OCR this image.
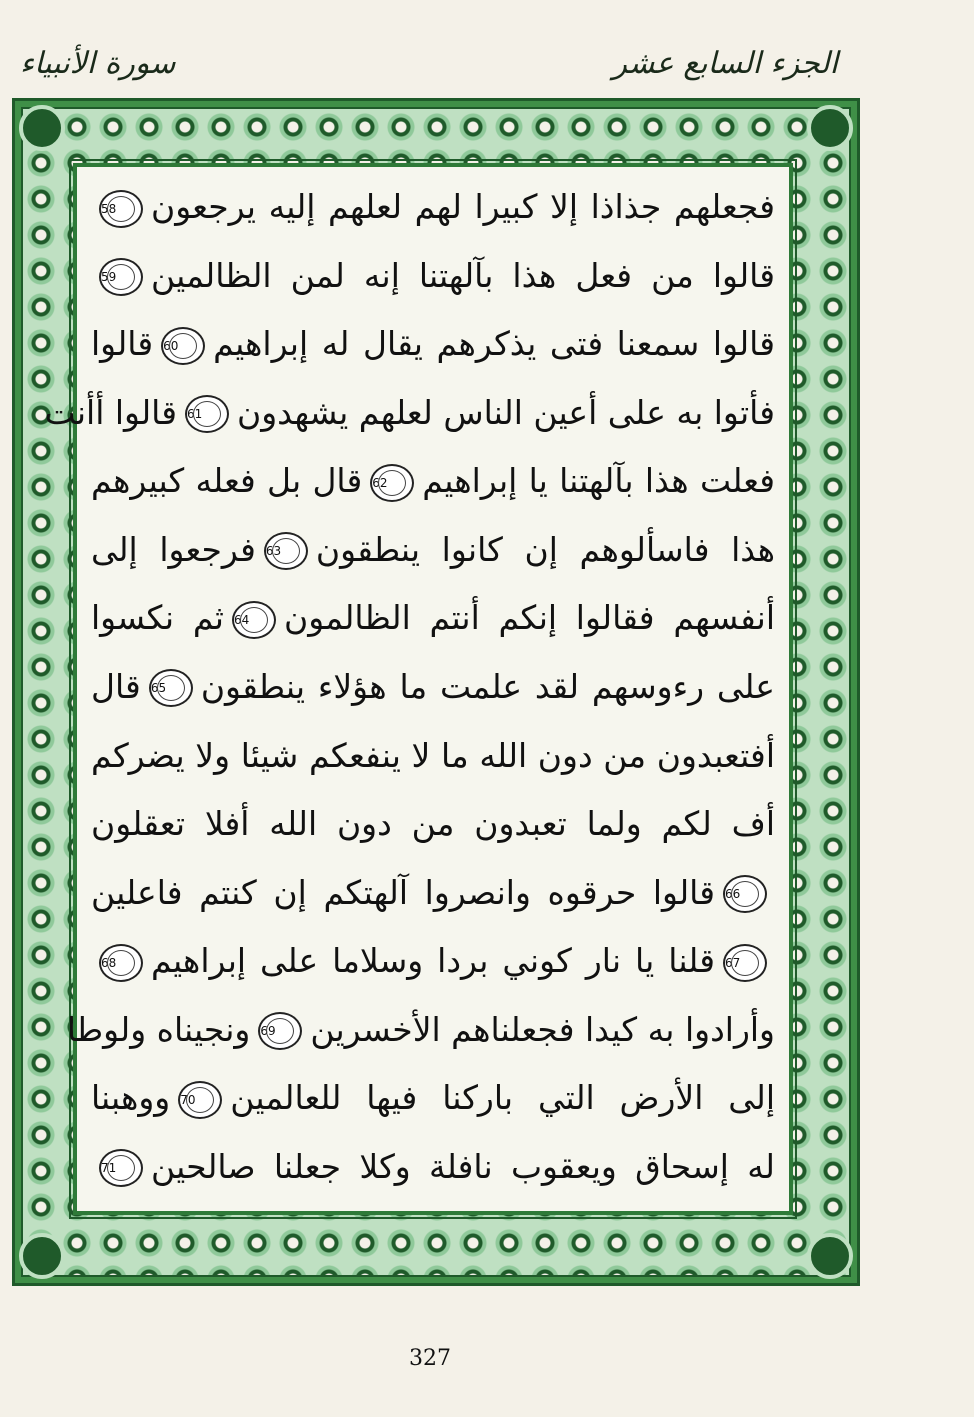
الجزء السابع عشر
سورة الأنبياء
فجعلهم جذاذا إلا كبيرا لهم لعلهم إليه يرجعون58
قالوا من فعل هذا بآلهتنا إنه لمن الظالمين59
قالوا سمعنا فتى يذكرهم يقال له إبراهيم60قالوا
فأتوا به على أعين الناس لعلهم يشهدون61قالوا أأنت
فعلت هذا بآلهتنا يا إبراهيم62قال بل فعله كبيرهم
هذا فاسألوهم إن كانوا ينطقون63فرجعوا إلى
أنفسهم فقالوا إنكم أنتم الظالمون64ثم نكسوا
على رءوسهم لقد علمت ما هؤلاء ينطقون65قال
أفتعبدون من دون الله ما لا ينفعكم شيئا ولا يضركم
أف لكم ولما تعبدون من دون الله أفلا تعقلون
66قالوا حرقوه وانصروا آلهتكم إن كنتم فاعلين
67قلنا يا نار كوني بردا وسلاما على إبراهيم68
وأرادوا به كيدا فجعلناهم الأخسرين69ونجيناه ولوطا
إلى الأرض التي باركنا فيها للعالمين70ووهبنا
له إسحاق ويعقوب نافلة وكلا جعلنا صالحين71
327
